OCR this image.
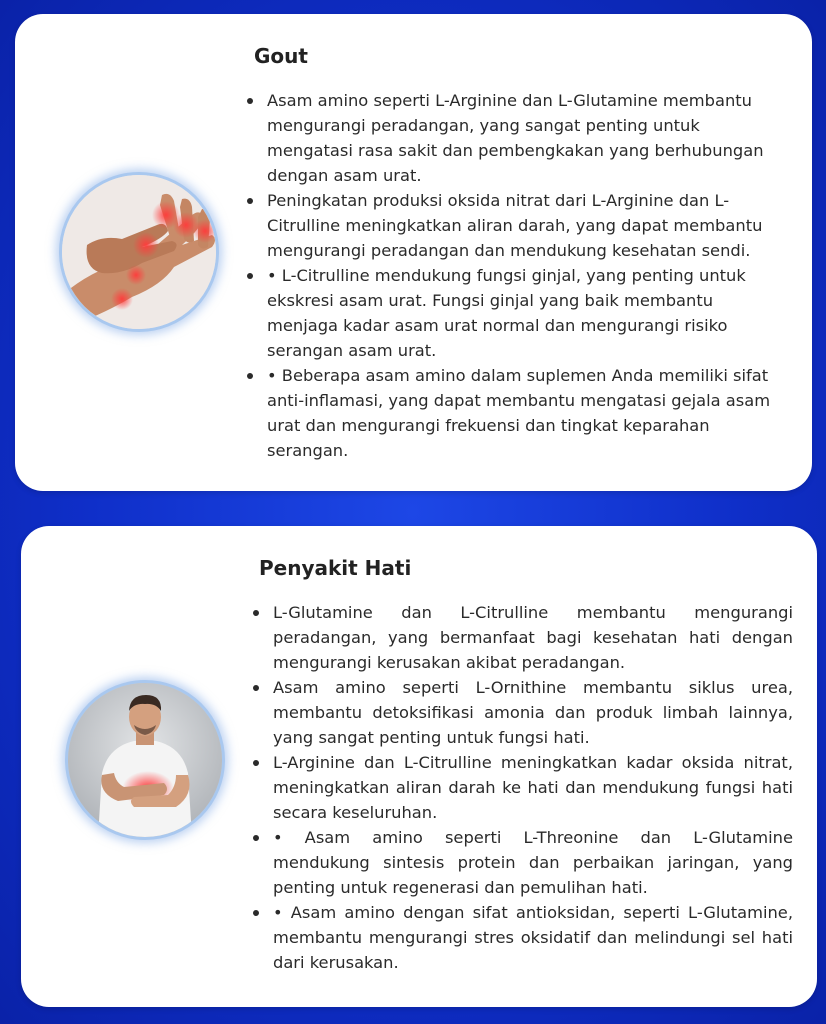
Gout
Asam amino seperti L-Arginine dan L-Glutamine membantu mengurangi peradangan, yang sangat penting untuk mengatasi rasa sakit dan pembengkakan yang berhubungan dengan asam urat.
Peningkatan produksi oksida nitrat dari L-Arginine dan L-Citrulline meningkatkan aliran darah, yang dapat membantu mengurangi peradangan dan mendukung kesehatan sendi.
• L-Citrulline mendukung fungsi ginjal, yang penting untuk ekskresi asam urat. Fungsi ginjal yang baik membantu menjaga kadar asam urat normal dan mengurangi risiko serangan asam urat.
• Beberapa asam amino dalam suplemen Anda memiliki sifat anti-inflamasi, yang dapat membantu mengatasi gejala asam urat dan mengurangi frekuensi dan tingkat keparahan serangan.
Penyakit Hati
L-Glutamine dan L-Citrulline membantu mengurangi peradangan, yang bermanfaat bagi kesehatan hati dengan mengurangi kerusakan akibat peradangan.
Asam amino seperti L-Ornithine membantu siklus urea, membantu detoksifikasi amonia dan produk limbah lainnya, yang sangat penting untuk fungsi hati.
L-Arginine dan L-Citrulline meningkatkan kadar oksida nitrat, meningkatkan aliran darah ke hati dan mendukung fungsi hati secara keseluruhan.
• Asam amino seperti L-Threonine dan L-Glutamine mendukung sintesis protein dan perbaikan jaringan, yang penting untuk regenerasi dan pemulihan hati.
• Asam amino dengan sifat antioksidan, seperti L-Glutamine, membantu mengurangi stres oksidatif dan melindungi sel hati dari kerusakan.
